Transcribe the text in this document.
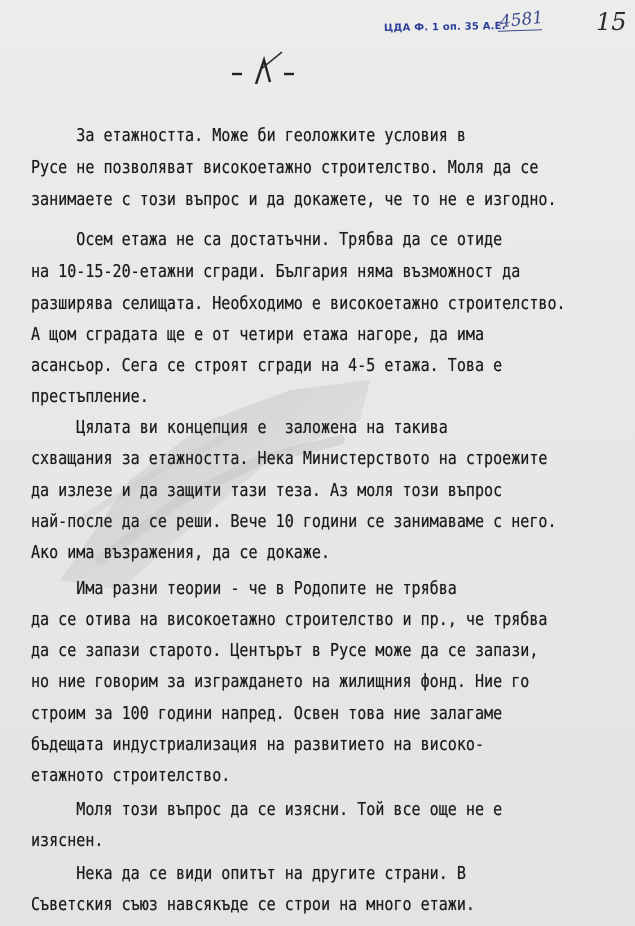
ЦДА Ф. 1 оп. 35 А.Е.
4581 15
За етажността. Може би геоложките условия в
Русе не позволяват високоетажно строителство. Моля да се
занимаете с този въпрос и да докажете, че то не е изгодно.
Осем етажа не са достатъчни. Трябва да се отиде
на 10-15-20-етажни сгради. България няма възможност да
разширява селищата. Необходимо е високоетажно строителство.
А щом сградата ще е от четири етажа нагоре, да има
асансьор. Сега се строят сгради на 4-5 етажа. Това е
престъпление.
Цялата ви концепция е  заложена на такива
схващания за етажността. Нека Министерството на строежите
да излезе и да защити тази теза. Аз моля този въпрос
най-после да се реши. Вече 10 години се занимаваме с него.
Ако има възражения, да се докаже.
Има разни теории - че в Родопите не трябва
да се отива на високоетажно строителство и пр., че трябва
да се запази старото. Центърът в Русе може да се запази,
но ние говорим за изграждането на жилищния фонд. Ние го
строим за 100 години напред. Освен това ние залагаме
бъдещата индустриализация на развитието на високо-
етажното строителство.
Моля този въпрос да се изясни. Той все още не е
изяснен.
Нека да се види опитът на другите страни. В
Съветския съюз навсякъде се строи на много етажи.
